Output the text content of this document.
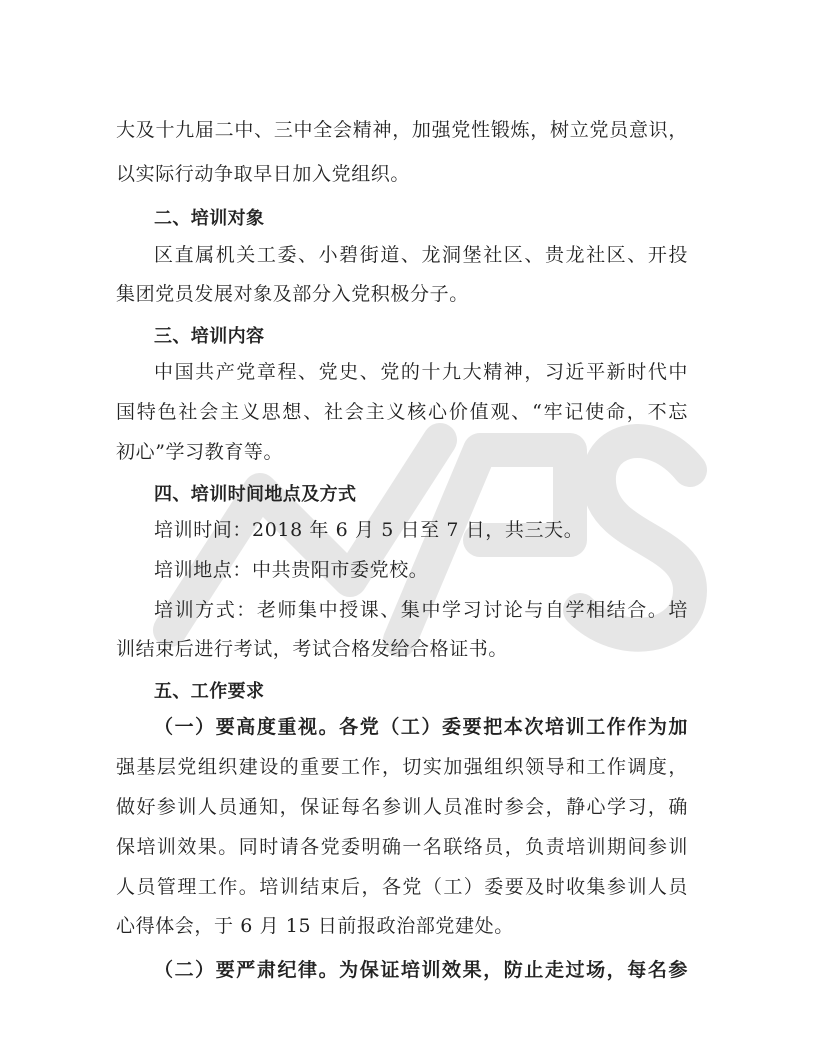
大及十九届二中、三中全会精神，加强党性锻炼，树立党员意识，
以实际行动争取早日加入党组织。
二、培训对象
区直属机关工委、小碧街道、龙洞堡社区、贵龙社区、开投
集团党员发展对象及部分入党积极分子。
三、培训内容
中国共产党章程、党史、党的十九大精神，习近平新时代中
国特色社会主义思想、社会主义核心价值观、“牢记使命，不忘
初心”学习教育等。
四、培训时间地点及方式
培训时间：2018 年 6 月 5 日至 7 日，共三天。
培训地点：中共贵阳市委党校。
培训方式：老师集中授课、集中学习讨论与自学相结合。培
训结束后进行考试，考试合格发给合格证书。
五、工作要求
（一）要高度重视。各党（工）委要把本次培训工作作为加
强基层党组织建设的重要工作，切实加强组织领导和工作调度，
做好参训人员通知，保证每名参训人员准时参会，静心学习，确
保培训效果。同时请各党委明确一名联络员，负责培训期间参训
人员管理工作。培训结束后，各党（工）委要及时收集参训人员
心得体会，于 6 月 15 日前报政治部党建处。
（二）要严肃纪律。为保证培训效果，防止走过场，每名参
